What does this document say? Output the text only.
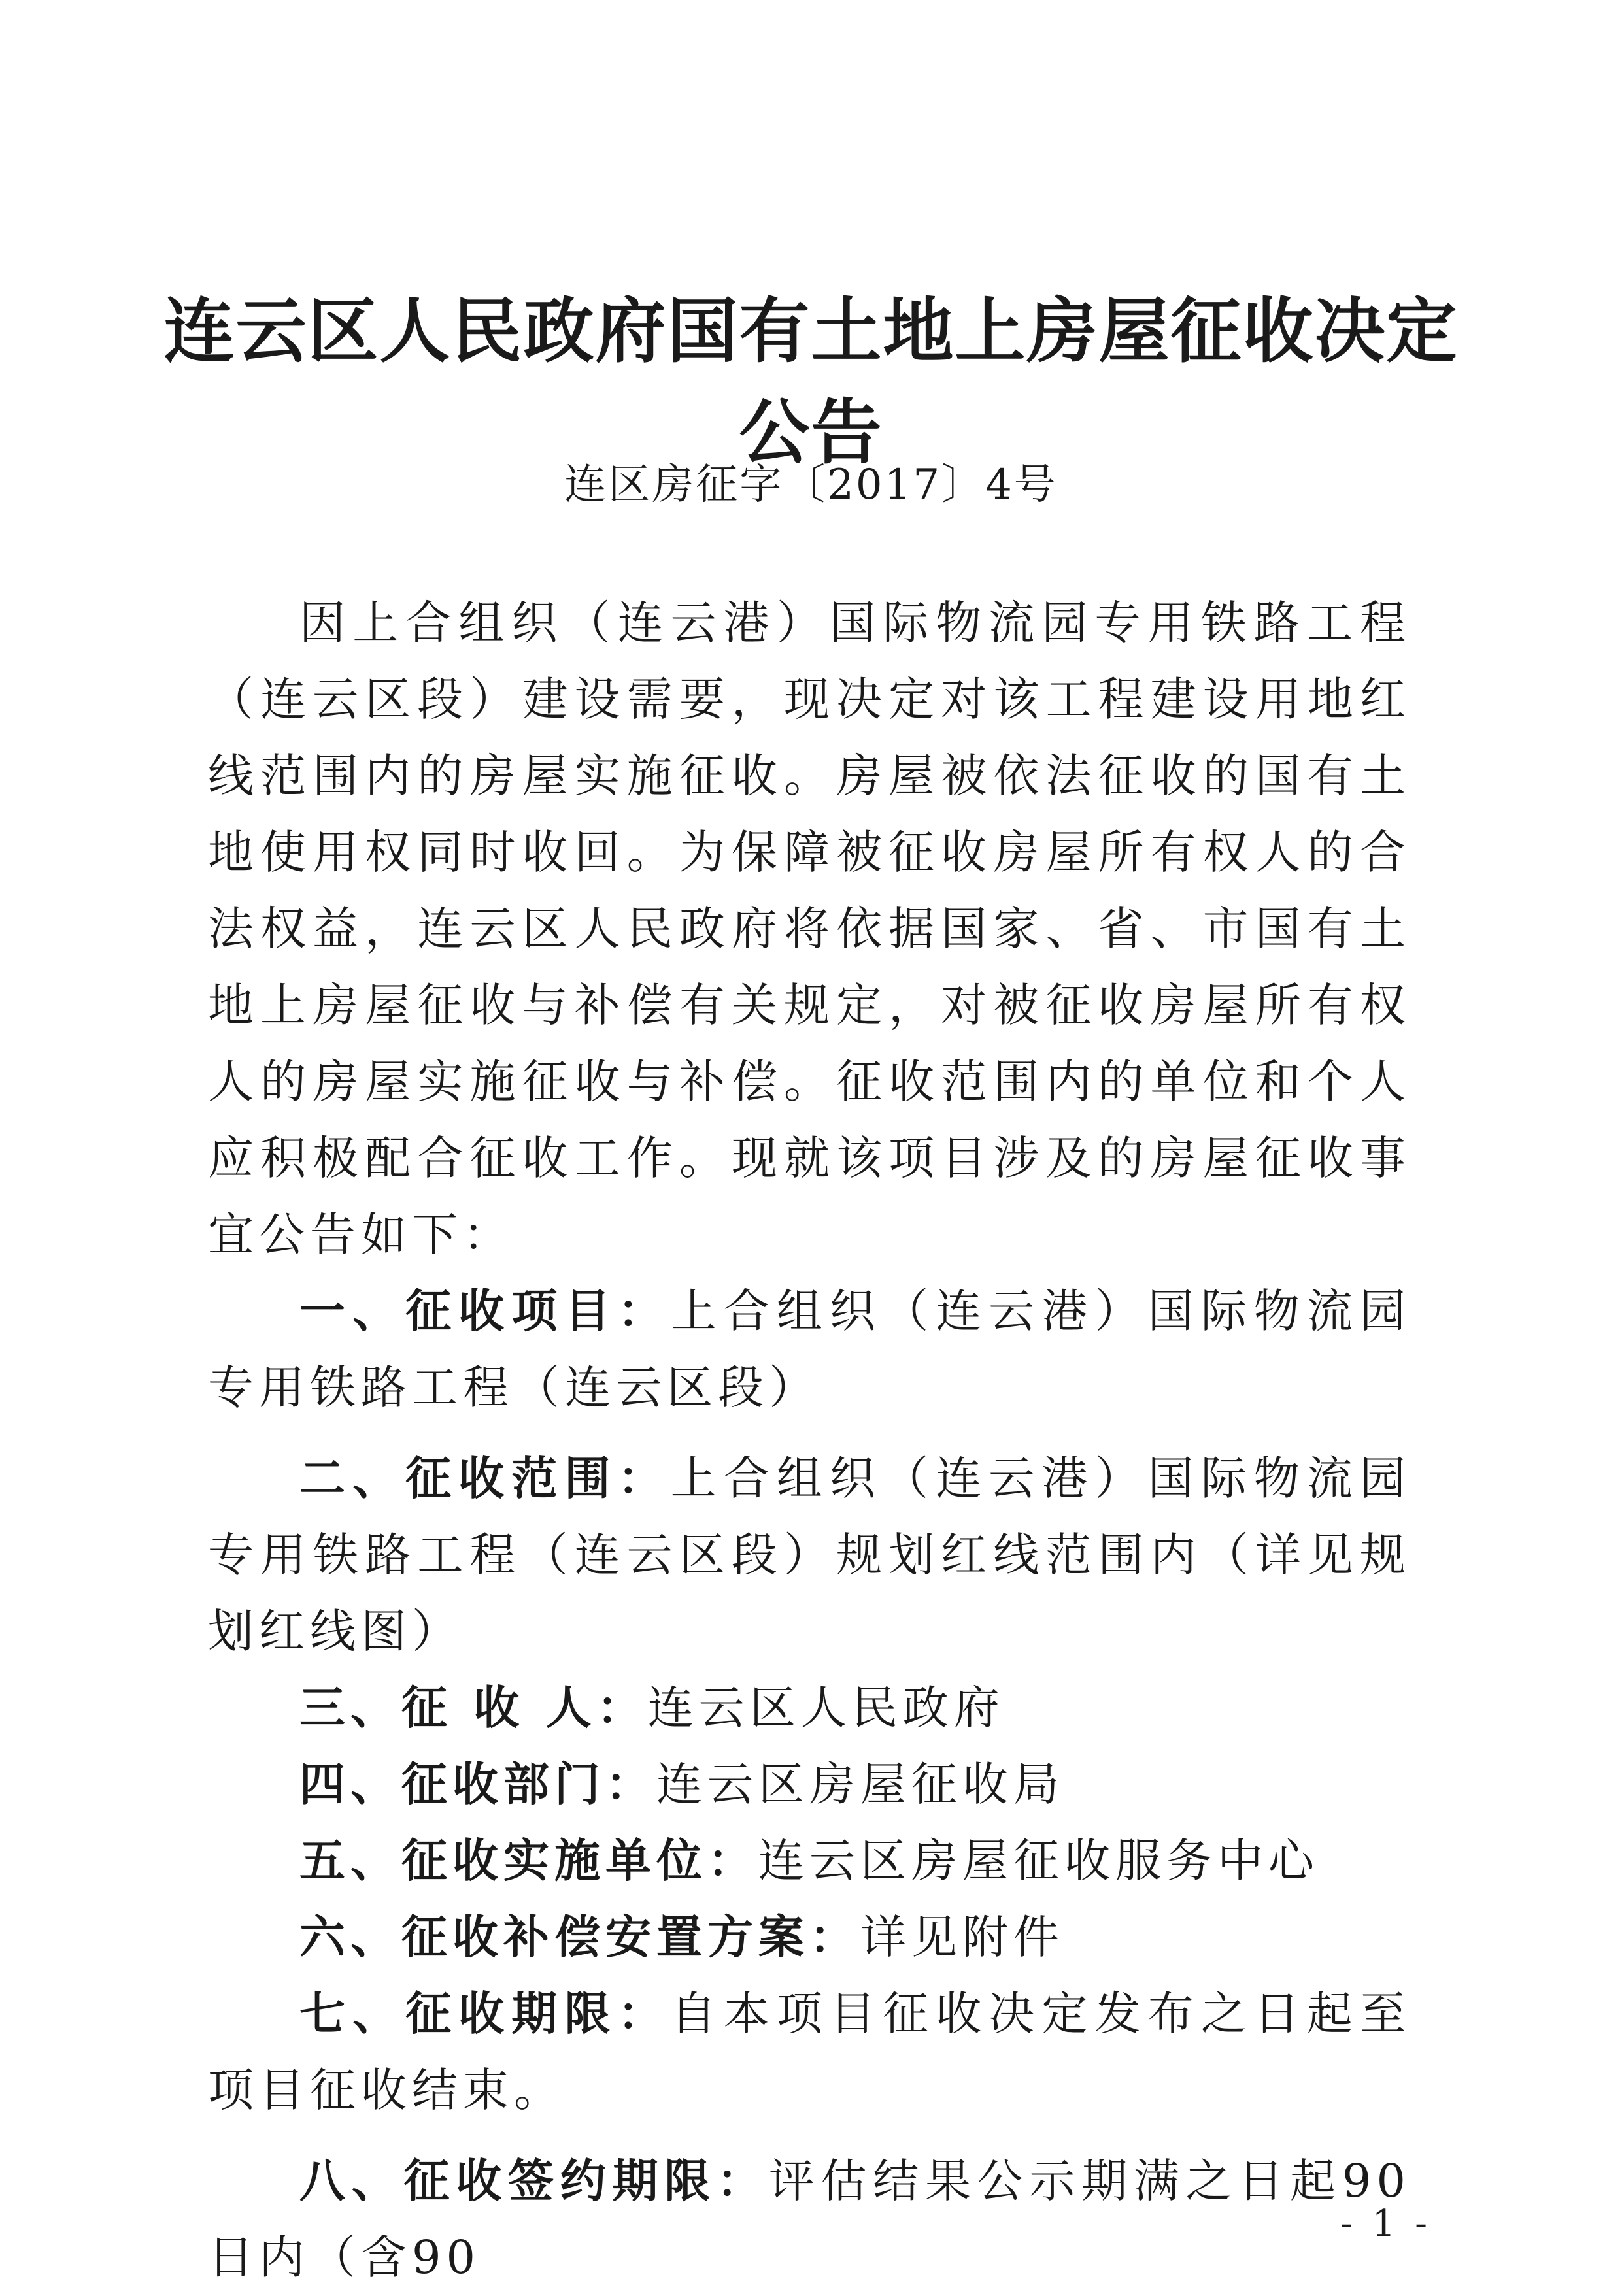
连云区人民政府国有土地上房屋征收决定公告
连区房征字〔2017〕4号

因上合组织（连云港）国际物流园专用铁路工程（连云区段）建设需要，现决定对该工程建设用地红线范围内的房屋实施征收。房屋被依法征收的国有土地使用权同时收回。为保障被征收房屋所有权人的合法权益，连云区人民政府将依据国家、省、市国有土地上房屋征收与补偿有关规定，对被征收房屋所有权人的房屋实施征收与补偿。征收范围内的单位和个人应积极配合征收工作。现就该项目涉及的房屋征收事宜公告如下：

一、征收项目：上合组织（连云港）国际物流园专用铁路工程（连云区段）

二、征收范围：上合组织（连云港）国际物流园专用铁路工程（连云区段）规划红线范围内（详见规划红线图）

三、征 收 人：连云区人民政府

四、征收部门：连云区房屋征收局

五、征收实施单位：连云区房屋征收服务中心

六、征收补偿安置方案：详见附件

七、征收期限：自本项目征收决定发布之日起至项目征收结束。

八、征收签约期限：评估结果公示期满之日起90日内（含90

- 1 -
